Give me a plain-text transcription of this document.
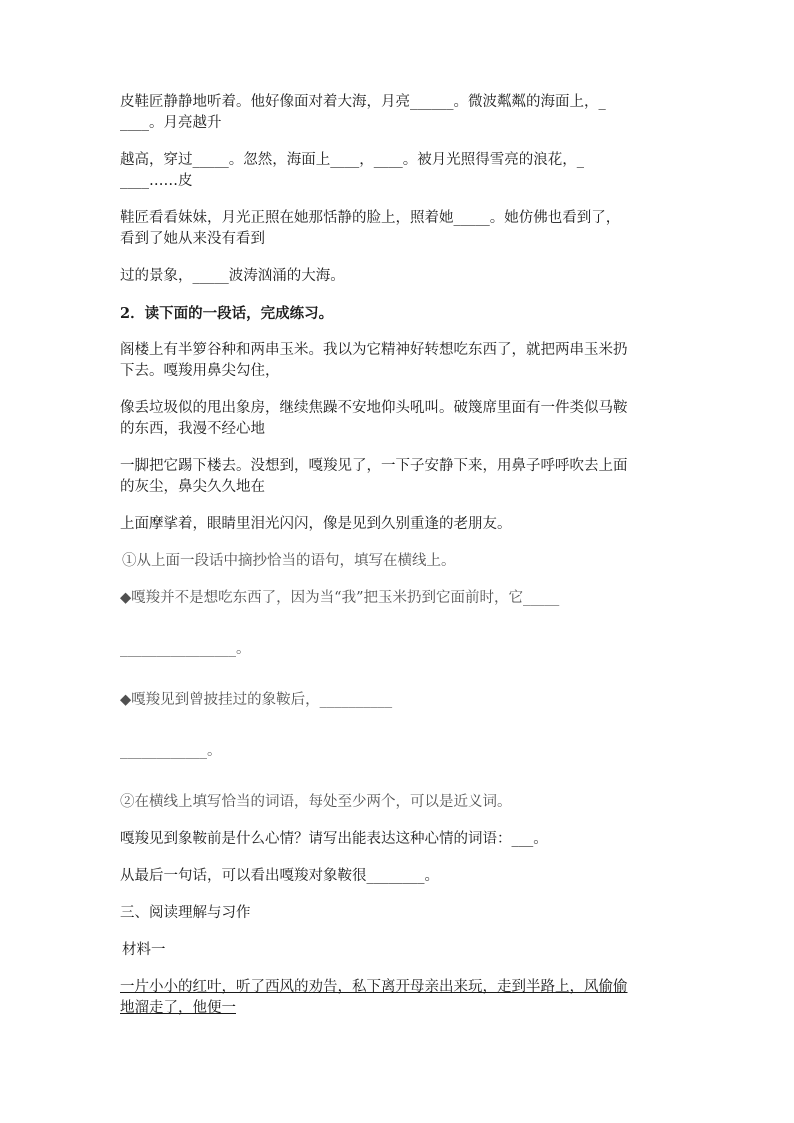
皮鞋匠静静地听着。他好像面对着大海，月亮______。微波粼粼的海面上，_

____。月亮越升

越高，穿过_____。忽然，海面上____，____。被月光照得雪亮的浪花，_

____……皮

鞋匠看看妹妹，月光正照在她那恬静的脸上，照着她_____。她仿佛也看到了，

看到了她从来没有看到

过的景象，_____波涛汹涌的大海。

2．读下面的一段话，完成练习。

阁楼上有半箩谷种和两串玉米。我以为它精神好转想吃东西了，就把两串玉米扔

下去。嘎羧用鼻尖勾住，

像丢垃圾似的甩出象房，继续焦躁不安地仰头吼叫。破篾席里面有一件类似马鞍

的东西，我漫不经心地

一脚把它踢下楼去。没想到，嘎羧见了，一下子安静下来，用鼻子呼呼吹去上面

的灰尘，鼻尖久久地在

上面摩挲着，眼睛里泪光闪闪，像是见到久别重逢的老朋友。

①从上面一段话中摘抄恰当的语句，填写在横线上。

◆嘎羧并不是想吃东西了，因为当“我”把玉米扔到它面前时，它_____

________________。

◆嘎羧见到曾披挂过的象鞍后，__________

____________。

②在横线上填写恰当的词语，每处至少两个，可以是近义词。

嘎羧见到象鞍前是什么心情？请写出能表达这种心情的词语：___。

从最后一句话，可以看出嘎羧对象鞍很________。

三、阅读理解与习作

材料一

一片小小的红叶，听了西风的劝告，私下离开母亲出来玩，走到半路上，风偷偷

地溜走了，他便一
